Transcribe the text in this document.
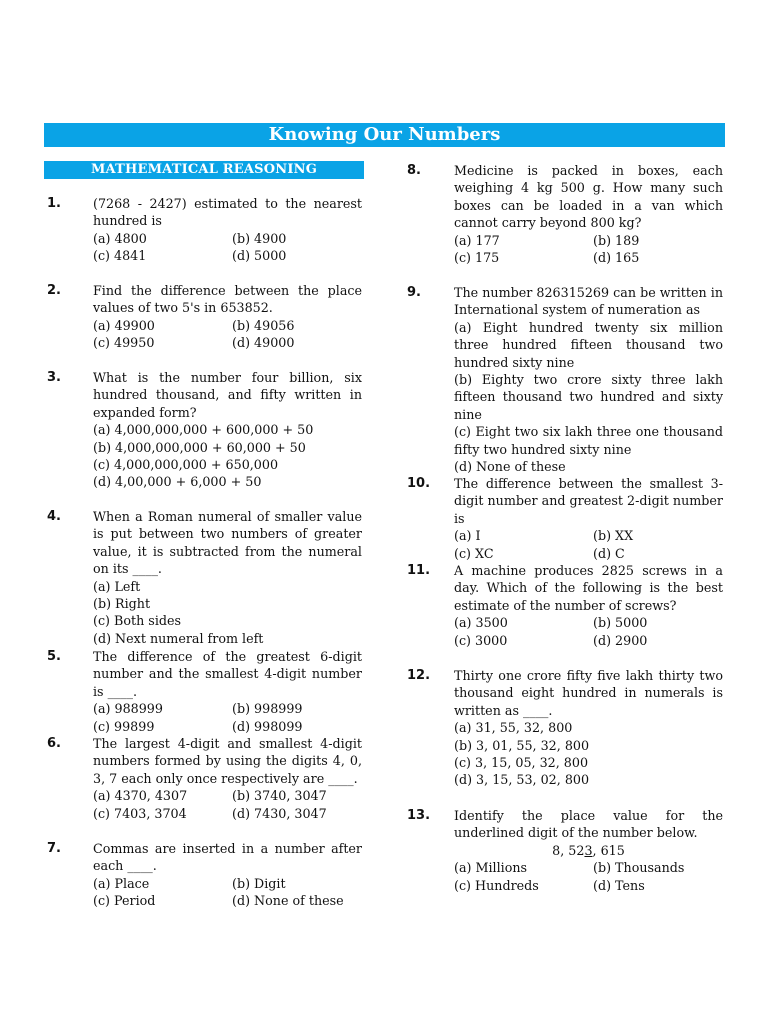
Knowing Our Numbers
MATHEMATICAL REASONING
1.	(7268 - 2427) estimated to the nearest hundred is
(a) 4800	(b) 4900
(c) 4841	(d) 5000
2.	Find the difference between the place values of two 5's in 653852.
(a) 49900	(b) 49056
(c) 49950	(d) 49000
3.	What is the number four billion, six hundred thousand, and fifty written in expanded form?
(a) 4,000,000,000 + 600,000 + 50
(b) 4,000,000,000 + 60,000 + 50
(c) 4,000,000,000 + 650,000
(d) 4,00,000 + 6,000 + 50
4.	When a Roman numeral of smaller value is put between two numbers of greater value, it is subtracted from the numeral on its ____.
(a) Left
(b) Right
(c) Both sides
(d) Next numeral from left
5.	The difference of the greatest 6-digit number and the smallest 4-digit number is ____.
(a) 988999	(b) 998999
(c) 99899	(d) 998099
6.	The largest 4-digit and smallest 4-digit numbers formed by using the digits 4, 0, 3, 7 each only once respectively are ____.
(a) 4370, 4307	(b) 3740, 3047
(c) 7403, 3704	(d) 7430, 3047
7.	Commas are inserted in a number after each ____.
(a) Place	(b) Digit
(c) Period	(d) None of these
8.	Medicine is packed in boxes, each weighing 4 kg 500 g. How many such boxes can be loaded in a van which cannot carry beyond 800 kg?
(a) 177	(b) 189
(c) 175	(d) 165
9.	The number 826315269 can be written in International system of numeration as
(a) Eight hundred twenty six million three hundred fifteen thousand two hundred sixty nine
(b) Eighty two crore sixty three lakh fifteen thousand two hundred and sixty nine
(c) Eight two six lakh three one thousand fifty two hundred sixty nine
(d) None of these
10. The difference between the smallest 3-digit number and greatest 2-digit number is
(a) I	(b) XX
(c) XC	(d) C
11. A machine produces 2825 screws in a day. Which of the following is the best estimate of the number of screws?
(a) 3500	(b) 5000
(c) 3000	(d) 2900
12. Thirty one crore fifty five lakh thirty two thousand eight hundred in numerals is written as ____.
(a) 31, 55, 32, 800
(b) 3, 01, 55, 32, 800
(c) 3, 15, 05, 32, 800
(d) 3, 15, 53, 02, 800
13. Identify the place value for the underlined digit of the number below.
8, 523, 615
(a) Millions	(b) Thousands
(c) Hundreds	(d) Tens
